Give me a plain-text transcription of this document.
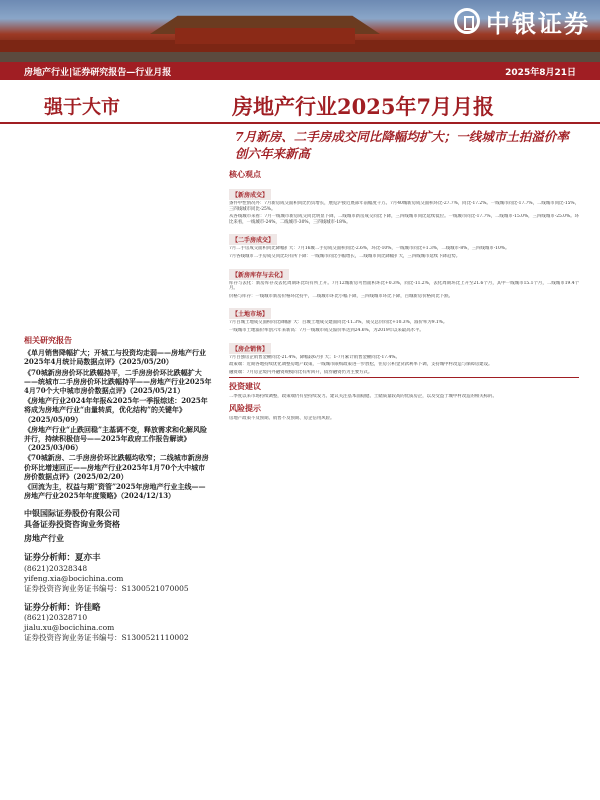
中银证券
房地产行业|证券研究报告—行业月报	2025年8月21日
强于大市	房地产行业2025年7月月报
7月新房、二手房成交同比降幅均扩大；一线城市土拍溢价率创六年来新高
核心观点
【新房成交】
条件中性情况外：7月新房成交面积同比仍负增长，展览沪接近底部年前幅度千万。7月40城新房成交面积环比-27.7%，同比-17.2%。一线城市同比-17.7%，二线城市同比-15%，三四线城市同比-25%。
从各线城市来看：7月一线城市新房成交同比明显下降，二线城市新房成交同比下降，三四线城市同比延续低位。一线城市同比-17.7%，二线城市-15.0%，三四线城市-25.0%。环比来看，一线城市-24%，二线城市-30%，三四线城市-18%。
【二手房成交】
7月二手房成交面积同比降幅扩大：7月16城二手房成交面积同比-2.6%，环比-10%，一线城市同比+1.3%，二线城市-8%，三四线城市-10%。
7月各线城市二手房成交同比均有所下降：一线城市同比小幅增长，二线城市同比降幅扩大，三四线城市延续下降趋势。
【新房库存与去化】
库存与去化：新房库存及去化周期环比均有所上升。7月12城新房可售面积环比+0.3%，同比-11.2%，去化周期环比上升至21.6个月，其中一线城市15.1个月，二线城市19.4个月。
价格与库存：一线城市新房价格环比持平，二线城市环比小幅下降，三四线城市环比下降，百城新房价格同比下跌。
【土地市场】
7月百城土地成交面积同比降幅扩大：百城土地成交建面同比-11.3%，成交总价同比+10.3%，溢价率为9.1%。
一线城市土地溢价率创六年来新高：7月一线城市成交溢价率达到24.6%，为2019年以来最高水平。
【房企销售】
7月百强房企销售金额同比-21.4%，降幅较6月扩大；1-7月累计销售金额同比-17.4%。
政策端：近期各地持续优化调整房地产政策，一线城市限购政策进一步放松，住房公积金贷款利率下调，支持城中村改造与保障房建设。
融资端：7月房企境内外融资规模同比有所回升，债券融资仍为主要方式。
投资建议
二季度以来市场持续调整，政策端仍有望持续发力。建议关注基本面稳健、土储质量较高的优质房企，以及受益于城中村改造的相关标的。
风险提示
房地产政策不及预期、销售不及预期、房企信用风险。
相关研究报告
《单月销售降幅扩大；开城工与投资均走弱——房地产行业2025年4月统计局数据点评》（2025/05/20）
《70城新房房价环比跌幅持平，二手房房价环比跌幅扩大——统城市二手房房价环比跌幅持平——房地产行业2025年4月70个大中城市房价数据点评》（2025/05/21）
《房地产行业2024年年报&2025年一季报综述：2025年将成为房地产行业“由量转质，优化结构”的关键年》（2025/05/09）
《房地产行业“止跌回稳”主基调不变，释放需求和化解风险并行，持续积极信号——2025年政府工作报告解读》（2025/03/06）
《70城新房、二手房房价环比跌幅均收窄；二线城市新房房价环比增速回正——房地产行业2025年1月70个大中城市房价数据点评》（2025/02/20）
《回流为主，权益与期“资管”2025年房地产行业主线——房地产行业2025年年度策略》（2024/12/13）
中银国际证券股份有限公司
具备证券投资咨询业务资格
房地产行业
证券分析师：夏亦丰
(8621)20328348
yifeng.xia@bocichina.com
证券投资咨询业务证书编号：S1300521070005
证券分析师：许佳略
(8621)20328710
jialu.xu@bocichina.com
证券投资咨询业务证书编号：S1300521110002
